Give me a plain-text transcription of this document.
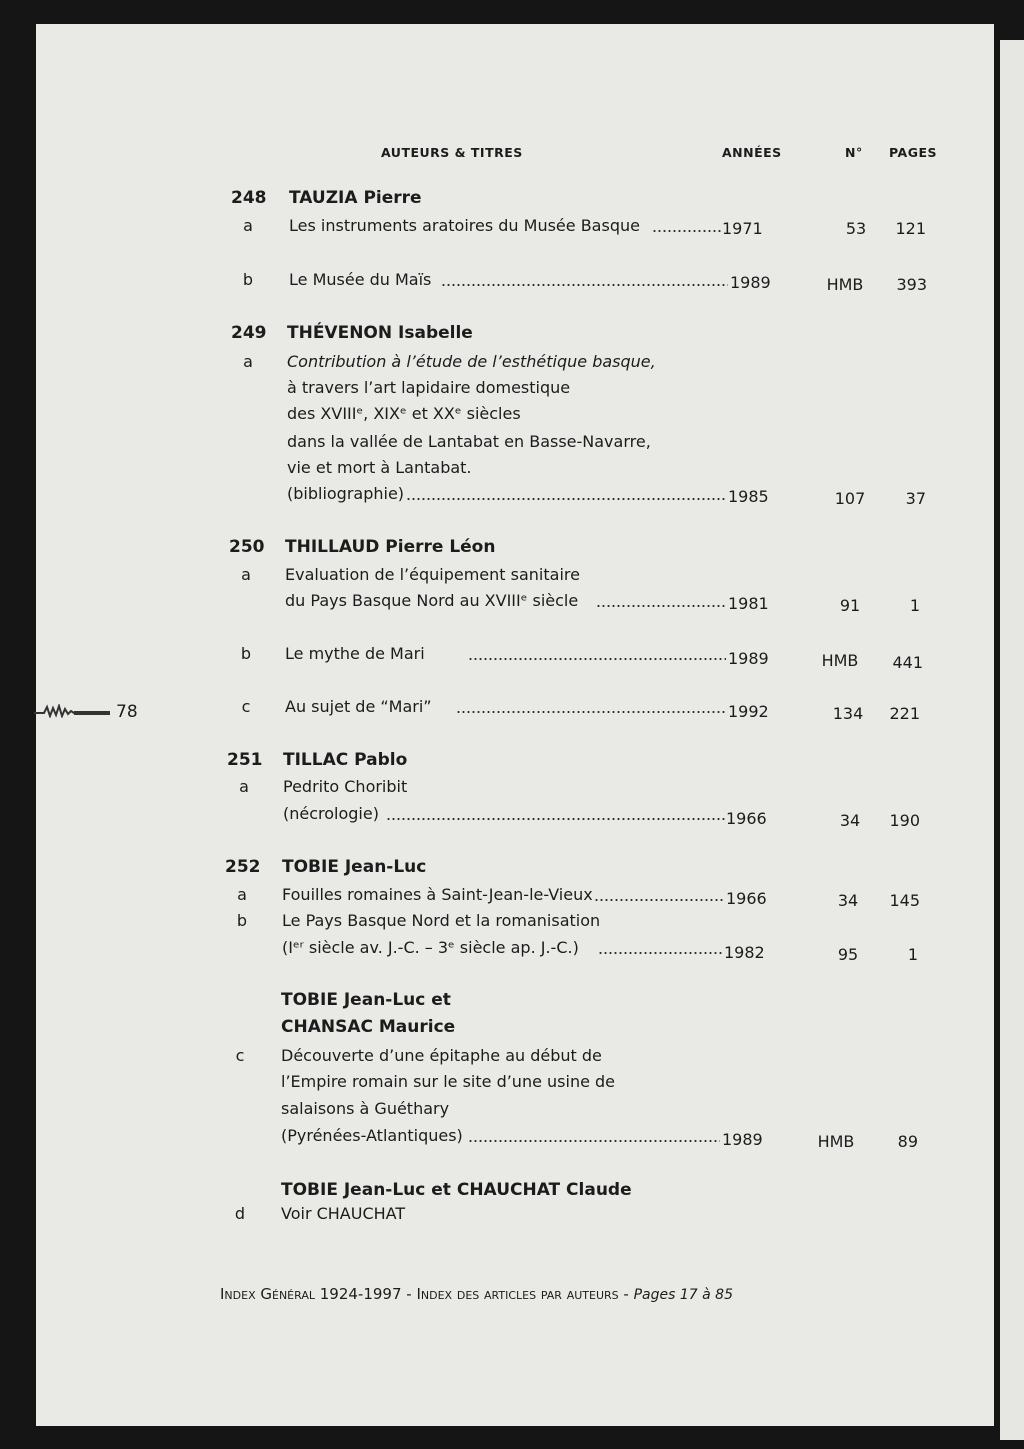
78
AUTEURS & TITRES	ANNÉES	N° PAGES
248 TAUZIA Pierre
a	Les instruments aratoires du Musée Basque	1971	53	121
b	Le Musée du Maïs	1989	HMB	393
249 THÉVENON Isabelle
a	Contribution à l’étude de l’esthétique basque,
à travers l’art lapidaire domestique
des XVIIIᵉ, XIXᵉ et XXᵉ siècles
dans la vallée de Lantabat en Basse-Navarre,
vie et mort à Lantabat.
(bibliographie)	1985	107	37
250 THILLAUD Pierre Léon
a	Evaluation de l’équipement sanitaire
du Pays Basque Nord au XVIIIᵉ siècle	1981	91	1
b	Le mythe de Mari	1989	HMB	441
c	Au sujet de “Mari”	1992	134	221
251 TILLAC Pablo
a	Pedrito Choribit
(nécrologie)	1966	34	190
252 TOBIE Jean-Luc
a	Fouilles romaines à Saint-Jean-le-Vieux	1966	34	145
b	Le Pays Basque Nord et la romanisation
(Iᵉʳ siècle av. J.-C. – 3ᵉ siècle ap. J.-C.)	1982	95	1
TOBIE Jean-Luc et
CHANSAC Maurice
c	Découverte d’une épitaphe au début de
l’Empire romain sur le site d’une usine de
salaisons à Guéthary
(Pyrénées-Atlantiques)	1989	HMB	89
TOBIE Jean-Luc et CHAUCHAT Claude
d	Voir CHAUCHAT
Index Général 1924-1997 - Index des articles par auteurs - Pages 17 à 85
